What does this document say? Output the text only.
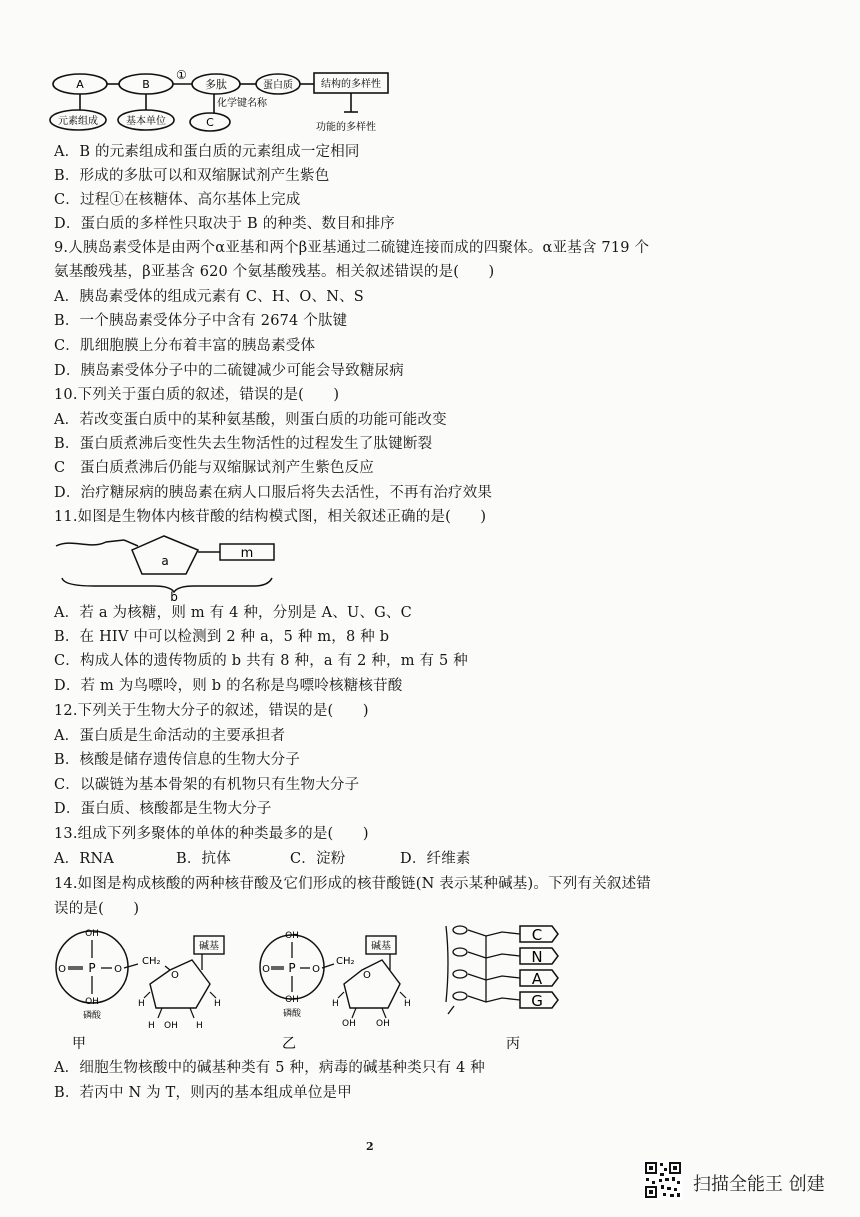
A	B
①
多肽	蛋白质	结构的多样性
元素组成	基本单位	C
化学键名称
功能的多样性
A．B 的元素组成和蛋白质的元素组成一定相同
B．形成的多肽可以和双缩脲试剂产生紫色
C．过程①在核糖体、高尔基体上完成
D．蛋白质的多样性只取决于 B 的种类、数目和排序
9.人胰岛素受体是由两个α亚基和两个β亚基通过二硫键连接而成的四聚体。α亚基含 719 个
氨基酸残基，β亚基含 620 个氨基酸残基。相关叙述错误的是(　　)
A．胰岛素受体的组成元素有 C、H、O、N、S
B．一个胰岛素受体分子中含有 2674 个肽键
C．肌细胞膜上分布着丰富的胰岛素受体
D．胰岛素受体分子中的二硫键减少可能会导致糖尿病
10.下列关于蛋白质的叙述，错误的是(　　)
A．若改变蛋白质中的某种氨基酸，则蛋白质的功能可能改变
B．蛋白质煮沸后变性失去生物活性的过程发生了肽键断裂
C　蛋白质煮沸后仍能与双缩脲试剂产生紫色反应
D．治疗糖尿病的胰岛素在病人口服后将失去活性，不再有治疗效果
11.如图是生物体内核苷酸的结构模式图，相关叙述正确的是(　　)
a	m
b
A．若 a 为核糖，则 m 有 4 种，分别是 A、U、G、C
B．在 HIV 中可以检测到 2 种 a，5 种 m，8 种 b
C．构成人体的遗传物质的 b 共有 8 种，a 有 2 种，m 有 5 种
D．若 m 为鸟嘌呤，则 b 的名称是鸟嘌呤核糖核苷酸
12.下列关于生物大分子的叙述，错误的是(　　)
A．蛋白质是生命活动的主要承担者
B．核酸是储存遗传信息的生物大分子
C．以碳链为基本骨架的有机物只有生物大分子
D．蛋白质、核酸都是生物大分子
13.组成下列多聚体的单体的种类最多的是(　　)
A．RNA	B．抗体	C．淀粉	D．纤维素
14.如图是构成核酸的两种核苷酸及它们形成的核苷酸链(N 表示某种碱基)。下列有关叙述错
误的是(　　)
OH
O P O
OH
CH₂
O
碱基
H	H
H OH H
磷酸
OH
O P O
OH
CH₂
O
碱基
H	H
OH OH
磷酸
C
N
A
G
甲	乙	丙
A．细胞生物核酸中的碱基种类有 5 种，病毒的碱基种类只有 4 种
B．若丙中 N 为 T，则丙的基本组成单位是甲
2
扫描全能王 创建
